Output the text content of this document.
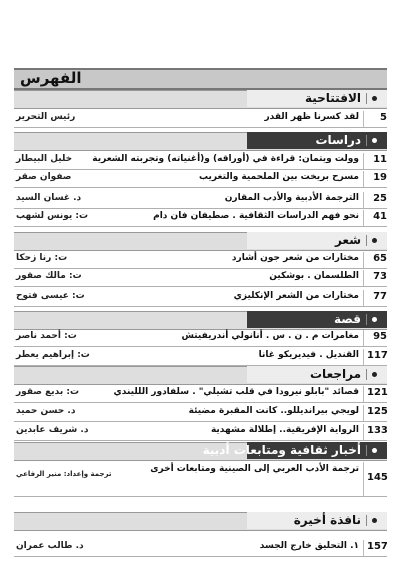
الفهرس
الافتتاحية
5
لقد كسرنا ظهر القدر
رئيس التحرير
دراسات
11
وولت ويتمان: قراءة في (أوراقه) و(أغنياته) وتجربته الشعرية
خليل البيطار
19
مسرح بريخت بين الملحمية والتغريب
صفوان صقر
25
الترجمة الأدبية والأدب المقارن
د. غسان السيد
41
نحو فهم الدراسات الثقافية . صطيفان فان دام
ت: يونس لشهب
شعر
65
مختارات من شعر جون أشارد
ت: رنا زحكا
73
الطلسمان . بوشكين
ت: مالك صقور
77
مختارات من الشعر الإنكليزي
ت: عيسى فتوح
قصة
95
مغامرات م . ن . س . أنانولي أندريفيتش
ت: أحمد ناصر
117
القنديل . فيديريكو غانا
ت: إبراهيم يعطر
مراجعات
121
قصائد "بابلو نيرودا في قلب تشيلي" . سلفادور اللليندي
ت: بديع صقور
125
لويجي بيرانديللو.. كانت المقبرة مضيئة
د. حسن حميد
133
الرواية الإفريقية.. إطلالة مشهدية
د. شريف عابدين
أخبار ثقافية ومتابعات أدبية
145
ترجمة الأدب العربي إلى الصينية ومتابعات أخرى
ترجمة وإعداد: منير الرفاعي
نافذة أخيرة
157
۱. التحليق خارج الجسد
د. طالب عمران
